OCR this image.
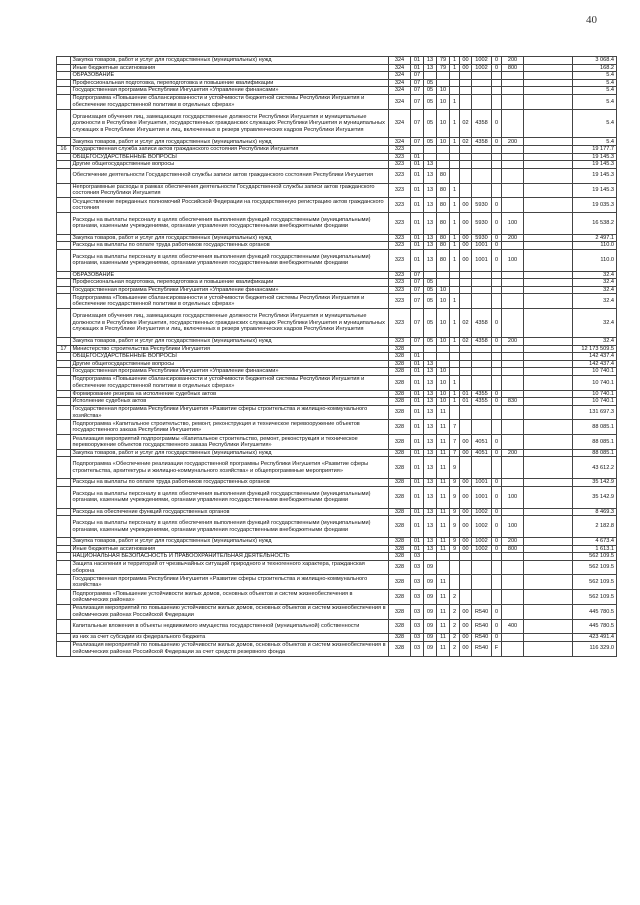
40
	Закупка товаров, работ и услуг для государственных (муниципальных) нужд	324	01	13	79	1	00	1002	0	200		3 068.4
	Иные бюджетные ассигнования	324	01	13	79	1	00	1002	0	800		168.2
	ОБРАЗОВАНИЕ	324	07									5.4
	Профессиональная подготовка, переподготовка и повышение квалификации	324	07	05								5.4
	Государственная программа Республики Ингушетия «Управление финансами»	324	07	05	10							5.4
	Подпрограмма «Повышение сбалансированности и устойчивости бюджетной системы Республики Ингушетия и обеспечение государственной политики в отдельных сферах»	324	07	05	10	1						5.4
	Организация обучения лиц, замещающих государственные должности Республики Ингушетия и муниципальные должности в Республике Ингушетия, государственных гражданских служащих Республики Ингушетия и муниципальных служащих в Республике Ингушетия и лиц, включенных в резерв управленческих кадров Республики Ингушетия	324	07	05	10	1	02	4358	0			5.4
	Закупка товаров, работ и услуг для государственных (муниципальных) нужд	324	07	05	10	1	02	4358	0	200		5.4
16	Государственная служба записи актов гражданского состояния Республики Ингушетия	323										19 177.7
	ОБЩЕГОСУДАРСТВЕННЫЕ ВОПРОСЫ	323	01									19 145.3
	Другие общегосударственные вопросы	323	01	13								19 145.3
	Обеспечение деятельности Государственной службы записи актов гражданского состояния Республики Ингушетия	323	01	13	80							19 145.3
	Непрограммные расходы в рамках обеспечения деятельности Государственной службы записи актов гражданского состояния Республики Ингушетия	323	01	13	80	1						19 145.3
	Осуществление переданных полномочий Российской Федерации на государственную регистрацию актов гражданского состояния	323	01	13	80	1	00	5930	0			19 035.3
	Расходы на выплаты персоналу в целях обеспечения выполнения функций государственными (муниципальными) органами, казенными учреждениями, органами управления государственными внебюджетными фондами	323	01	13	80	1	00	5930	0	100		16 538.2
	Закупка товаров, работ и услуг для государственных (муниципальных) нужд	323	01	13	80	1	00	5930	0	200		2 497.1
	Расходы на выплаты по оплате труда работников государственных органов	323	01	13	80	1	00	1001	0			110.0
	Расходы на выплаты персоналу в целях обеспечения выполнения функций государственными (муниципальными) органами, казенными учреждениями, органами управления государственными внебюджетными фондами	323	01	13	80	1	00	1001	0	100		110.0
	ОБРАЗОВАНИЕ	323	07									32.4
	Профессиональная подготовка, переподготовка и повышение квалификации	323	07	05								32.4
	Государственная программа Республики Ингушетия «Управление финансами»	323	07	05	10							32.4
	Подпрограмма «Повышение сбалансированности и устойчивости бюджетной системы Республики Ингушетия и обеспечение государственной политики в отдельных сферах»	323	07	05	10	1						32.4
	Организация обучения лиц, замещающих государственные должности Республики Ингушетия и муниципальные должности в Республике Ингушетия, государственных гражданских служащих Республики Ингушетия и муниципальных служащих в Республике Ингушетия и лиц, включенных в резерв управленческих кадров Республики Ингушетия	323	07	05	10	1	02	4358	0			32.4
	Закупка товаров, работ и услуг для государственных (муниципальных) нужд	323	07	05	10	1	02	4358	0	200		32.4
17	Министерство строительства Республики Ингушетия	328										12 173 509.5
	ОБЩЕГОСУДАРСТВЕННЫЕ ВОПРОСЫ	328	01									142 437.4
	Другие общегосударственные вопросы	328	01	13								142 437.4
	Государственная программа Республики Ингушетия «Управление финансами»	328	01	13	10							10 740.1
	Подпрограмма «Повышение сбалансированности и устойчивости бюджетной системы Республики Ингушетия и обеспечение государственной политики в отдельных сферах»	328	01	13	10	1						10 740.1
	Формирование резерва на исполнение судебных актов	328	01	13	10	1	01	4355	0			10 740.1
	Исполнение судебных актов	328	01	13	10	1	01	4355	0	830		10 740.1
	Государственная программа Республики Ингушетия «Развитие сферы строительства и жилищно-коммунального хозяйства»	328	01	13	11							131 697.3
	Подпрограмма «Капитальное строительство, ремонт, реконструкция и техническое перевооружение объектов государственного заказа Республики Ингушетия»	328	01	13	11	7						88 085.1
	Реализация мероприятий подпрограммы «Капитальное строительство, ремонт, реконструкция и техническое перевооружение объектов государственного заказа Республики Ингушетия»	328	01	13	11	7	00	4051	0			88 085.1
	Закупка товаров, работ и услуг для государственных (муниципальных) нужд	328	01	13	11	7	00	4051	0	200		88 085.1
	Подпрограмма «Обеспечение реализации государственной программы Республики Ингушетия «Развитие сферы строительства, архитектуры и жилищно-коммунального хозяйства» и общепрограммные мероприятия»	328	01	13	11	9						43 612.2
	Расходы на выплаты по оплате труда работников государственных органов	328	01	13	11	9	00	1001	0			35 142.9
	Расходы на выплаты персоналу в целях обеспечения выполнения функций государственными (муниципальными) органами, казенными учреждениями, органами управления государственными внебюджетными фондами	328	01	13	11	9	00	1001	0	100		35 142.9
	Расходы на обеспечение функций государственных органов	328	01	13	11	9	00	1002	0			8 469.3
	Расходы на выплаты персоналу в целях обеспечения выполнения функций государственными (муниципальными) органами, казенными учреждениями, органами управления государственными внебюджетными фондами	328	01	13	11	9	00	1002	0	100		2 182.8
	Закупка товаров, работ и услуг для государственных (муниципальных) нужд	328	01	13	11	9	00	1002	0	200		4 673.4
	Иные бюджетные ассигнования	328	01	13	11	9	00	1002	0	800		1 613.1
	НАЦИОНАЛЬНАЯ БЕЗОПАСНОСТЬ И ПРАВООХРАНИТЕЛЬНАЯ ДЕЯТЕЛЬНОСТЬ	328	03									562 109.5
	Защита населения и территорий от чрезвычайных ситуаций природного и техногенного характера, гражданская оборона	328	03	09								562 109.5
	Государственная программа Республики Ингушетия «Развитие сферы строительства и жилищно-коммунального хозяйства»	328	03	09	11							562 109.5
	Подпрограмма «Повышение устойчивости жилых домов, основных объектов и систем жизнеобеспечения в сейсмических районах»	328	03	09	11	2						562 109.5
	Реализация мероприятий по повышению устойчивости жилых домов, основных объектов и систем жизнеобеспечения в сейсмических районах Российской Федерации	328	03	09	11	2	00	R540	0			445 780.5
	Капитальные вложения в объекты недвижимого имущества государственной (муниципальной) собственности	328	03	09	11	2	00	R540	0	400		445 780.5
	из них за счет субсидии из федерального бюджета	328	03	09	11	2	00	R540	0			423 491.4
	Реализация мероприятий по повышению устойчивости жилых домов, основных объектов и систем жизнеобеспечения в сейсмических районах Российской Федерации за счет средств резервного фонда	328	03	09	11	2	00	R540	F			116 329.0
